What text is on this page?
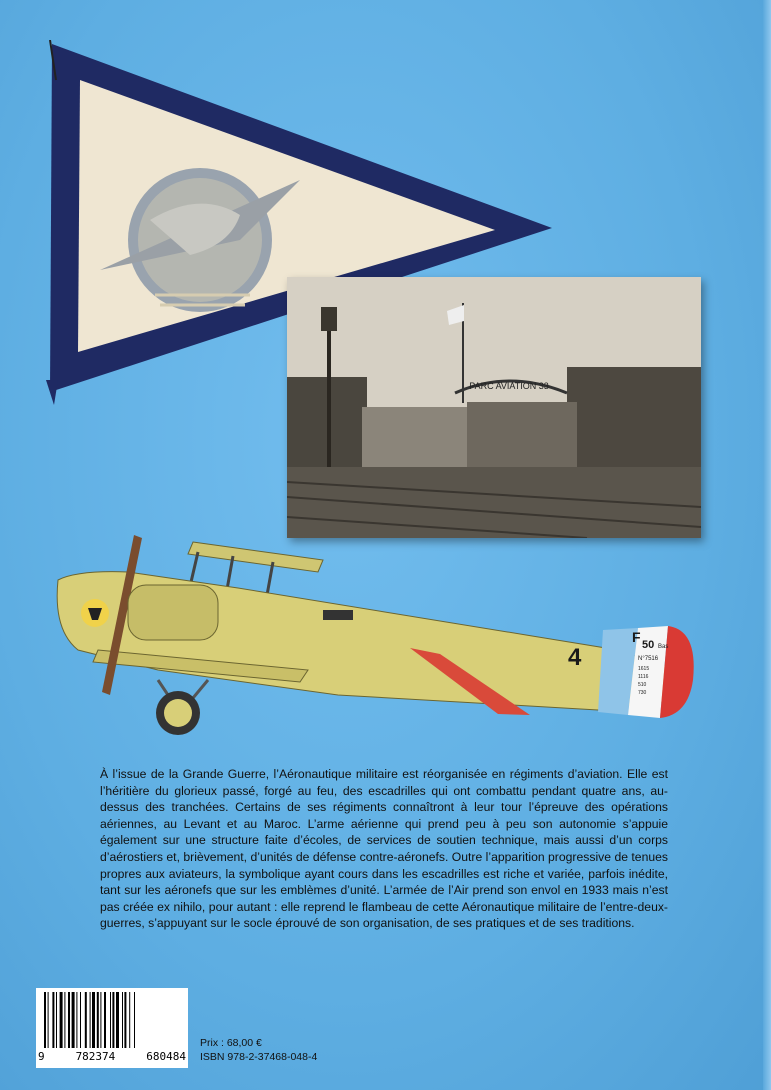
PARC AVIATION 33
4
F 50 Bas
N°7516
1615
1116
510
730

À l’issue de la Grande Guerre, l’Aéronautique militaire est réorganisée en régiments d’aviation. Elle est l’héritière du glorieux passé, forgé au feu, des escadrilles qui ont combattu pendant quatre ans, au-dessus des tranchées. Certains de ses régiments connaîtront à leur tour l’épreuve des opérations aériennes, au Levant et au Maroc. L’arme aérienne qui prend peu à peu son autonomie s’appuie également sur une structure faite d’écoles, de services de soutien technique, mais aussi d’un corps d’aérostiers et, brièvement, d’unités de défense contre-aéronefs. Outre l’apparition progressive de tenues propres aux aviateurs, la symbolique ayant cours dans les escadrilles est riche et variée, parfois inédite, tant sur les aéronefs que sur les emblèmes d’unité. L’armée de l’Air prend son envol en 1933 mais n’est pas créée ex nihilo, pour autant : elle reprend le flambeau de cette Aéronautique militaire de l’entre-deux-guerres, s’appuyant sur le socle éprouvé de son organisation, de ses pratiques et de ses traditions.

9	782374	680484
Prix : 68,00 €
ISBN 978-2-37468-048-4
